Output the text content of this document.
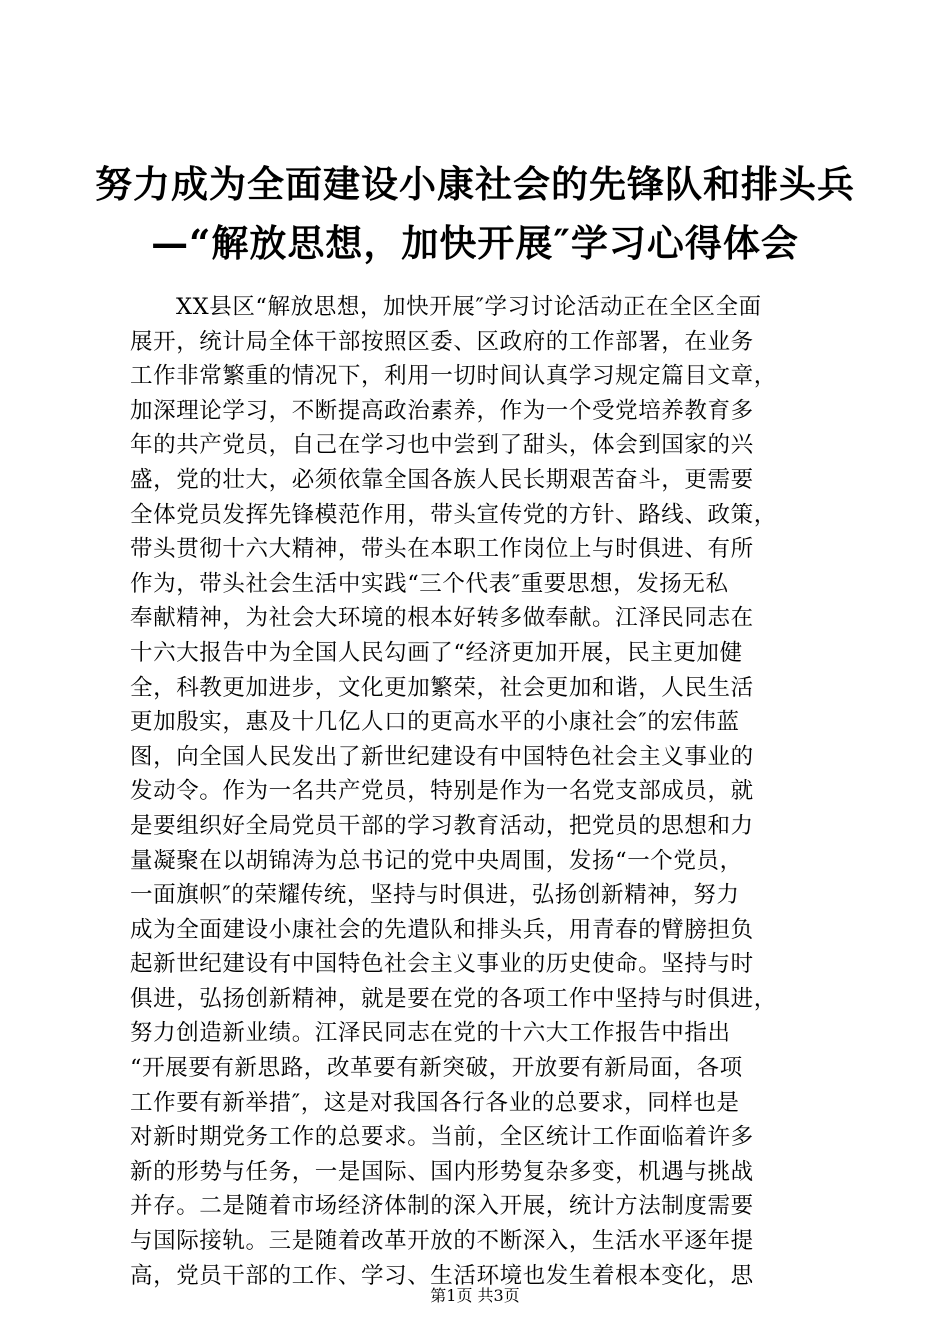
努力成为全面建设小康社会的先锋队和排头兵
—“解放思想，加快开展″学习心得体会
XX县区“解放思想，加快开展″学习讨论活动正在全区全面
展开，统计局全体干部按照区委、区政府的工作部署，在业务
工作非常繁重的情况下，利用一切时间认真学习规定篇目文章，
加深理论学习，不断提高政治素养，作为一个受党培养教育多
年的共产党员，自己在学习也中尝到了甜头，体会到国家的兴
盛，党的壮大，必须依靠全国各族人民长期艰苦奋斗，更需要
全体党员发挥先锋模范作用，带头宣传党的方针、路线、政策，
带头贯彻十六大精神，带头在本职工作岗位上与时俱进、有所
作为，带头社会生活中实践“三个代表″重要思想，发扬无私
奉献精神，为社会大环境的根本好转多做奉献。江泽民同志在
十六大报告中为全国人民勾画了“经济更加开展，民主更加健
全，科教更加进步，文化更加繁荣，社会更加和谐，人民生活
更加殷实，惠及十几亿人口的更高水平的小康社会″的宏伟蓝
图，向全国人民发出了新世纪建设有中国特色社会主义事业的
发动令。作为一名共产党员，特别是作为一名党支部成员，就
是要组织好全局党员干部的学习教育活动，把党员的思想和力
量凝聚在以胡锦涛为总书记的党中央周围，发扬“一个党员，
一面旗帜″的荣耀传统，坚持与时俱进，弘扬创新精神，努力
成为全面建设小康社会的先遣队和排头兵，用青春的臂膀担负
起新世纪建设有中国特色社会主义事业的历史使命。坚持与时
俱进，弘扬创新精神，就是要在党的各项工作中坚持与时俱进，
努力创造新业绩。江泽民同志在党的十六大工作报告中指出
“开展要有新思路，改革要有新突破，开放要有新局面，各项
工作要有新举措″，这是对我国各行各业的总要求，同样也是
对新时期党务工作的总要求。当前，全区统计工作面临着许多
新的形势与任务，一是国际、国内形势复杂多变，机遇与挑战
并存。二是随着市场经济体制的深入开展，统计方法制度需要
与国际接轨。三是随着改革开放的不断深入，生活水平逐年提
高，党员干部的工作、学习、生活环境也发生着根本变化，思
第1页 共3页
